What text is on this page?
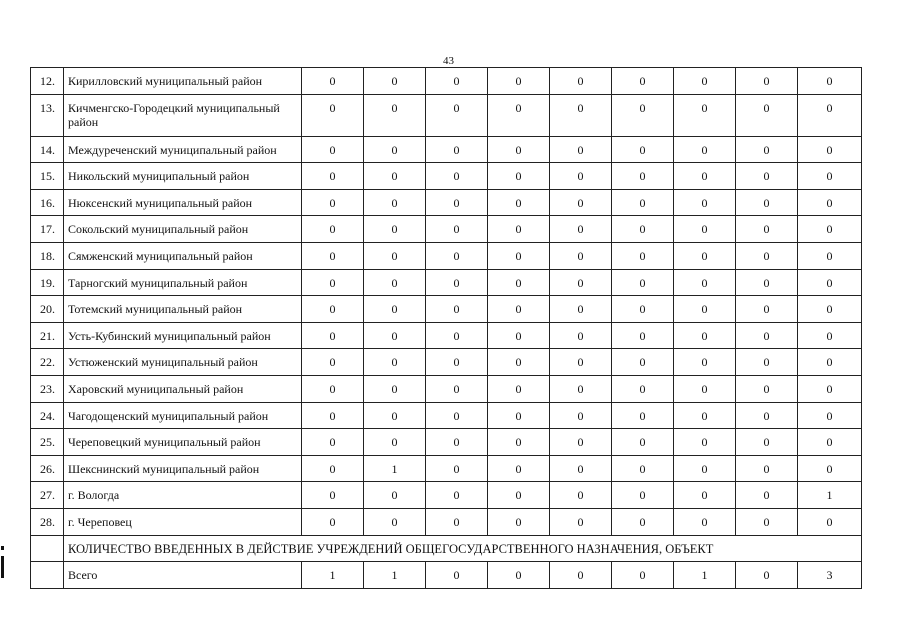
43
12.	Кирилловский муниципальный район	0	0	0	0	0	0	0	0	0
13.	Кичменгско-Городецкий муниципальный район	0	0	0	0	0	0	0	0	0
14.	Междуреченский муниципальный район	0	0	0	0	0	0	0	0	0
15.	Никольский муниципальный район	0	0	0	0	0	0	0	0	0
16.	Нюксенский муниципальный район	0	0	0	0	0	0	0	0	0
17.	Сокольский муниципальный район	0	0	0	0	0	0	0	0	0
18.	Сямженский муниципальный район	0	0	0	0	0	0	0	0	0
19.	Тарногский муниципальный район	0	0	0	0	0	0	0	0	0
20.	Тотемский муниципальный район	0	0	0	0	0	0	0	0	0
21.	Усть-Кубинский муниципальный район	0	0	0	0	0	0	0	0	0
22.	Устюженский муниципальный район	0	0	0	0	0	0	0	0	0
23.	Харовский муниципальный район	0	0	0	0	0	0	0	0	0
24.	Чагодощенский муниципальный район	0	0	0	0	0	0	0	0	0
25.	Череповецкий муниципальный район	0	0	0	0	0	0	0	0	0
26.	Шекснинский муниципальный район	0	1	0	0	0	0	0	0	0
27.	г. Вологда	0	0	0	0	0	0	0	0	1
28.	г. Череповец	0	0	0	0	0	0	0	0	0
	КОЛИЧЕСТВО ВВЕДЕННЫХ В ДЕЙСТВИЕ УЧРЕЖДЕНИЙ ОБЩЕГОСУДАРСТВЕННОГО НАЗНАЧЕНИЯ, ОБЪЕКТ									
	Всего	1	1	0	0	0	0	1	0	3
